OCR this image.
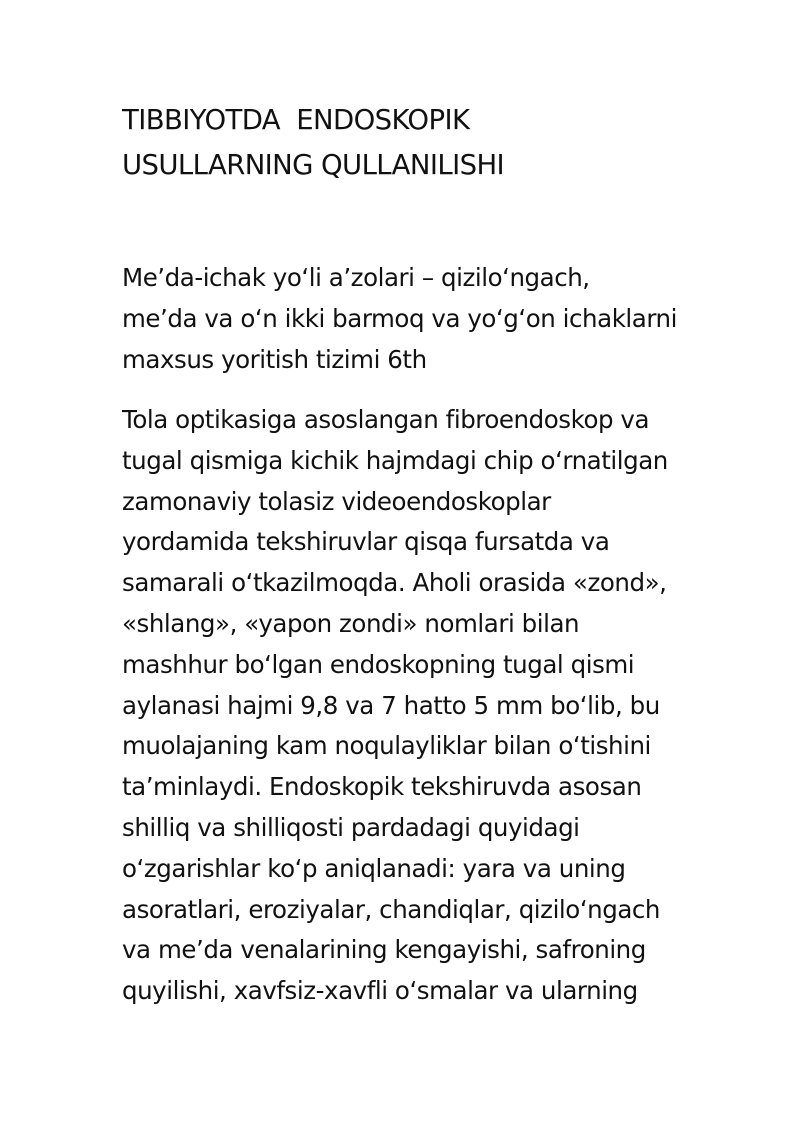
TIBBIYOTDA  ENDOSKOPIK
USULLARNING QULLANILISHI

Me’da-ichak yo‘li a’zolari – qizilo‘ngach,
me’da va o‘n ikki barmoq va yo‘g‘on ichaklarni
maxsus yoritish tizimi 6th

Tola optikasiga asoslangan fibroendoskop va
tugal qismiga kichik hajmdagi chip o‘rnatilgan
zamonaviy tolasiz videoendoskoplar
yordamida tekshiruvlar qisqa fursatda va
samarali o‘tkazilmoqda. Aholi orasida «zond»,
«shlang», «yapon zondi» nomlari bilan
mashhur bo‘lgan endoskopning tugal qismi
aylanasi hajmi 9,8 va 7 hatto 5 mm bo‘lib, bu
muolajaning kam noqulayliklar bilan o‘tishini
ta’minlaydi. Endoskopik tekshiruvda asosan
shilliq va shilliqosti pardadagi quyidagi
o‘zgarishlar ko‘p aniqlanadi: yara va uning
asoratlari, eroziyalar, chandiqlar, qizilo‘ngach
va me’da venalarining kengayishi, safroning
quyilishi, xavfsiz-xavfli o‘smalar va ularning
